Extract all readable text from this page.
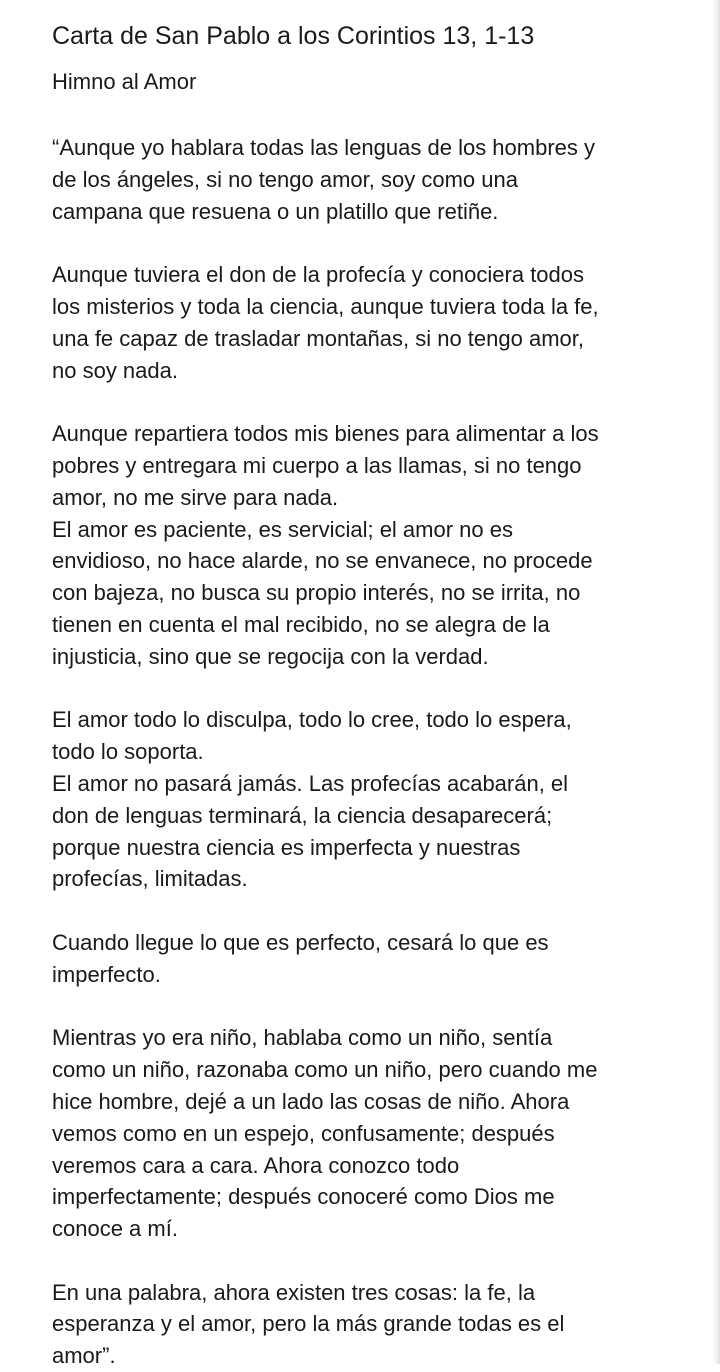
Carta de San Pablo a los Corintios 13, 1-13
Himno al Amor

“Aunque yo hablara todas las lenguas de los hombres y
de los ángeles, si no tengo amor, soy como una
campana que resuena o un platillo que retiñe.

Aunque tuviera el don de la profecía y conociera todos
los misterios y toda la ciencia, aunque tuviera toda la fe,
una fe capaz de trasladar montañas, si no tengo amor,
no soy nada.

Aunque repartiera todos mis bienes para alimentar a los
pobres y entregara mi cuerpo a las llamas, si no tengo
amor, no me sirve para nada.
El amor es paciente, es servicial; el amor no es
envidioso, no hace alarde, no se envanece, no procede
con bajeza, no busca su propio interés, no se irrita, no
tienen en cuenta el mal recibido, no se alegra de la
injusticia, sino que se regocija con la verdad.

El amor todo lo disculpa, todo lo cree, todo lo espera,
todo lo soporta.
El amor no pasará jamás. Las profecías acabarán, el
don de lenguas terminará, la ciencia desaparecerá;
porque nuestra ciencia es imperfecta y nuestras
profecías, limitadas.

Cuando llegue lo que es perfecto, cesará lo que es
imperfecto.

Mientras yo era niño, hablaba como un niño, sentía
como un niño, razonaba como un niño, pero cuando me
hice hombre, dejé a un lado las cosas de niño. Ahora
vemos como en un espejo, confusamente; después
veremos cara a cara. Ahora conozco todo
imperfectamente; después conoceré como Dios me
conoce a mí.

En una palabra, ahora existen tres cosas: la fe, la
esperanza y el amor, pero la más grande todas es el
amor”.
